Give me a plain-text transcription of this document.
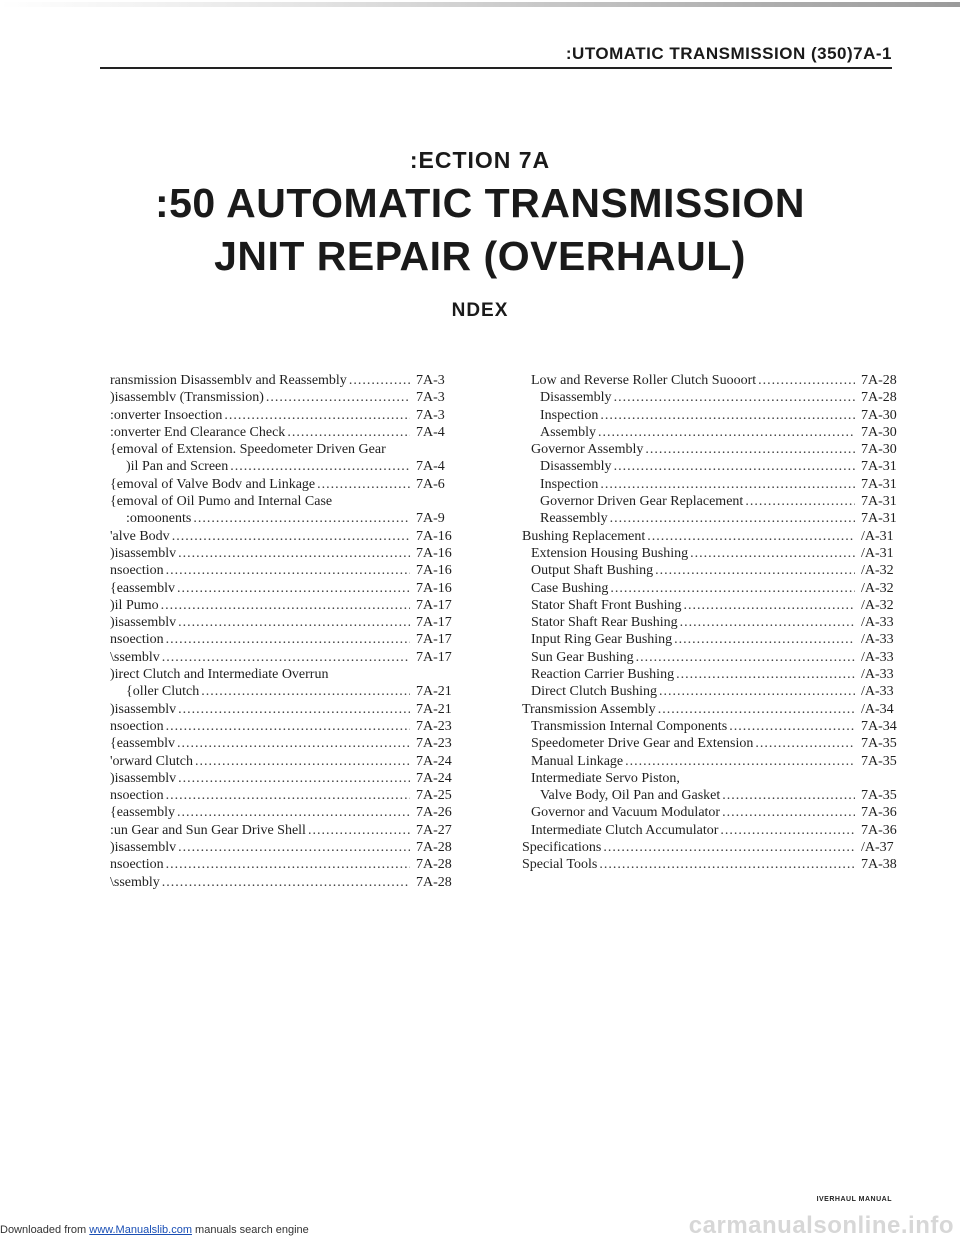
:UTOMATIC TRANSMISSION (350)7A-1
:ECTION 7A
:50 AUTOMATIC TRANSMISSION
JNIT REPAIR (OVERHAUL)
NDEX
ransmission Disassemblv and Reassembly .....	7A-3
)isassemblv (Transmission) .....	7A-3
:onverter Insoection .....	7A-3
:onverter End Clearance Check .....	7A-4
{emoval of Extension. Speedometer Driven Gear
)il Pan and Screen .....	7A-4
{emoval of Valve Bodv and Linkage .....	7A-6
{emoval of Oil Pumo and Internal Case
:omoonents .....	7A-9
'alve Bodv .....	7A-16
)isassemblv .....	7A-16
nsoection .....	7A-16
{eassemblv .....	7A-16
)il Pumo .....	7A-17
)isassemblv .....	7A-17
nsoection .....	7A-17
\ssemblv .....	7A-17
)irect Clutch and Intermediate Overrun
{oller Clutch .....	7A-21
)isassemblv .....	7A-21
nsoection .....	7A-23
{eassemblv .....	7A-23
'orward Clutch .....	7A-24
)isassemblv .....	7A-24
nsoection .....	7A-25
{eassembly .....	7A-26
:un Gear and Sun Gear Drive Shell .....	7A-27
)isassemblv .....	7A-28
nsoection .....	7A-28
\ssembly .....	7A-28
Low and Reverse Roller Clutch Suooort .....	7A-28
Disassembly .....	7A-28
Inspection .....	7A-30
Assembly .....	7A-30
Governor Assembly .....	7A-30
Disassembly .....	7A-31
Inspection .....	7A-31
Governor Driven Gear Replacement .....	7A-31
Reassembly .....	7A-31
Bushing Replacement .....	/A-31
Extension Housing Bushing .....	/A-31
Output Shaft Bushing .....	/A-32
Case Bushing .....	/A-32
Stator Shaft Front Bushing .....	/A-32
Stator Shaft Rear Bushing .....	/A-33
Input Ring Gear Bushing .....	/A-33
Sun Gear Bushing .....	/A-33
Reaction Carrier Bushing .....	/A-33
Direct Clutch Bushing .....	/A-33
Transmission Assembly .....	/A-34
Transmission Internal Components .....	7A-34
Speedometer Drive Gear and Extension .....	7A-35
Manual Linkage .....	7A-35
Intermediate Servo Piston,
Valve Body, Oil Pan and Gasket .....	7A-35
Governor and Vacuum Modulator .....	7A-36
Intermediate Clutch Accumulator .....	7A-36
Specifications .....	/A-37
Special Tools .....	7A-38
IVERHAUL MANUAL
Downloaded from www.Manualslib.com manuals search engine	carmanualsonline.info
